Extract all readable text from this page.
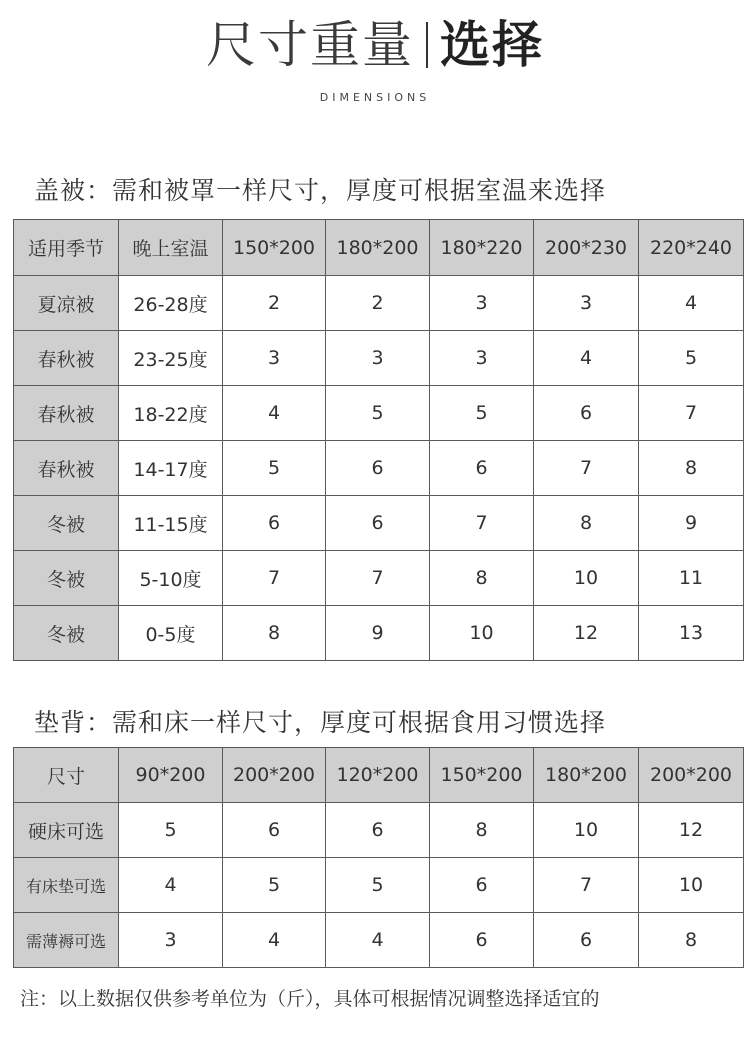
尺寸重量 选择
DIMENSIONS
盖被：需和被罩一样尺寸，厚度可根据室温来选择
适用季节	晚上室温	150*200	180*200	180*220	200*230	220*240
夏凉被	26-28度	2	2	3	3	4
春秋被	23-25度	3	3	3	4	5
春秋被	18-22度	4	5	5	6	7
春秋被	14-17度	5	6	6	7	8
冬被	11-15度	6	6	7	8	9
冬被	5-10度	7	7	8	10	11
冬被	0-5度	8	9	10	12	13
垫背：需和床一样尺寸，厚度可根据食用习惯选择
尺寸	90*200	200*200	120*200	150*200	180*200	200*200
硬床可选	5	6	6	8	10	12
有床垫可选	4	5	5	6	7	10
需薄褥可选	3	4	4	6	6	8
注：以上数据仅供参考单位为（斤），具体可根据情况调整选择适宜的
